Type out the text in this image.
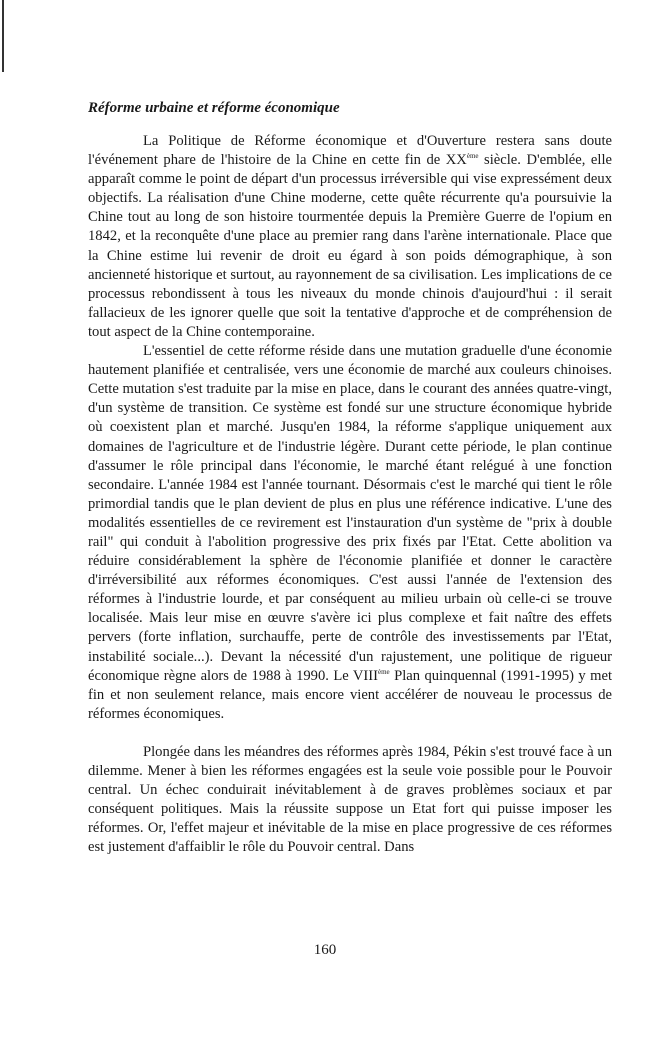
Réforme urbaine et réforme économique

La Politique de Réforme économique et d'Ouverture restera sans doute l'événement phare de l'histoire de la Chine en cette fin de XXème siècle. D'emblée, elle apparaît comme le point de départ d'un processus irréversible qui vise expressément deux objectifs. La réalisation d'une Chine moderne, cette quête récurrente qu'a poursuivie la Chine tout au long de son histoire tourmentée depuis la Première Guerre de l'opium en 1842, et la reconquête d'une place au premier rang dans l'arène internationale. Place que la Chine estime lui revenir de droit eu égard à son poids démographique, à son ancienneté historique et surtout, au rayonnement de sa civilisation. Les implications de ce processus rebondissent à tous les niveaux du monde chinois d'aujourd'hui : il serait fallacieux de les ignorer quelle que soit la tentative d'approche et de compréhension de tout aspect de la Chine contemporaine.

L'essentiel de cette réforme réside dans une mutation graduelle d'une économie hautement planifiée et centralisée, vers une économie de marché aux couleurs chinoises. Cette mutation s'est traduite par la mise en place, dans le courant des années quatre-vingt, d'un système de transition. Ce système est fondé sur une structure économique hybride où coexistent plan et marché. Jusqu'en 1984, la réforme s'applique uniquement aux domaines de l'agriculture et de l'industrie légère. Durant cette période, le plan continue d'assumer le rôle principal dans l'économie, le marché étant relégué à une fonction secondaire. L'année 1984 est l'année tournant. Désormais c'est le marché qui tient le rôle primordial tandis que le plan devient de plus en plus une référence indicative. L'une des modalités essentielles de ce revirement est l'instauration d'un système de "prix à double rail" qui conduit à l'abolition progressive des prix fixés par l'Etat. Cette abolition va réduire considérablement la sphère de l'économie planifiée et donner le caractère d'irréversibilité aux réformes économiques. C'est aussi l'année de l'extension des réformes à l'industrie lourde, et par conséquent au milieu urbain où celle-ci se trouve localisée. Mais leur mise en œuvre s'avère ici plus complexe et fait naître des effets pervers (forte inflation, surchauffe, perte de contrôle des investissements par l'Etat, instabilité sociale...). Devant la nécessité d'un rajustement, une politique de rigueur économique règne alors de 1988 à 1990. Le VIIIème Plan quinquennal (1991-1995) y met fin et non seulement relance, mais encore vient accélérer de nouveau le processus de réformes économiques.

Plongée dans les méandres des réformes après 1984, Pékin s'est trouvé face à un dilemme. Mener à bien les réformes engagées est la seule voie possible pour le Pouvoir central. Un échec conduirait inévitablement à de graves problèmes sociaux et par conséquent politiques. Mais la réussite suppose un Etat fort qui puisse imposer les réformes. Or, l'effet majeur et inévitable de la mise en place progressive de ces réformes est justement d'affaiblir le rôle du Pouvoir central. Dans

160
